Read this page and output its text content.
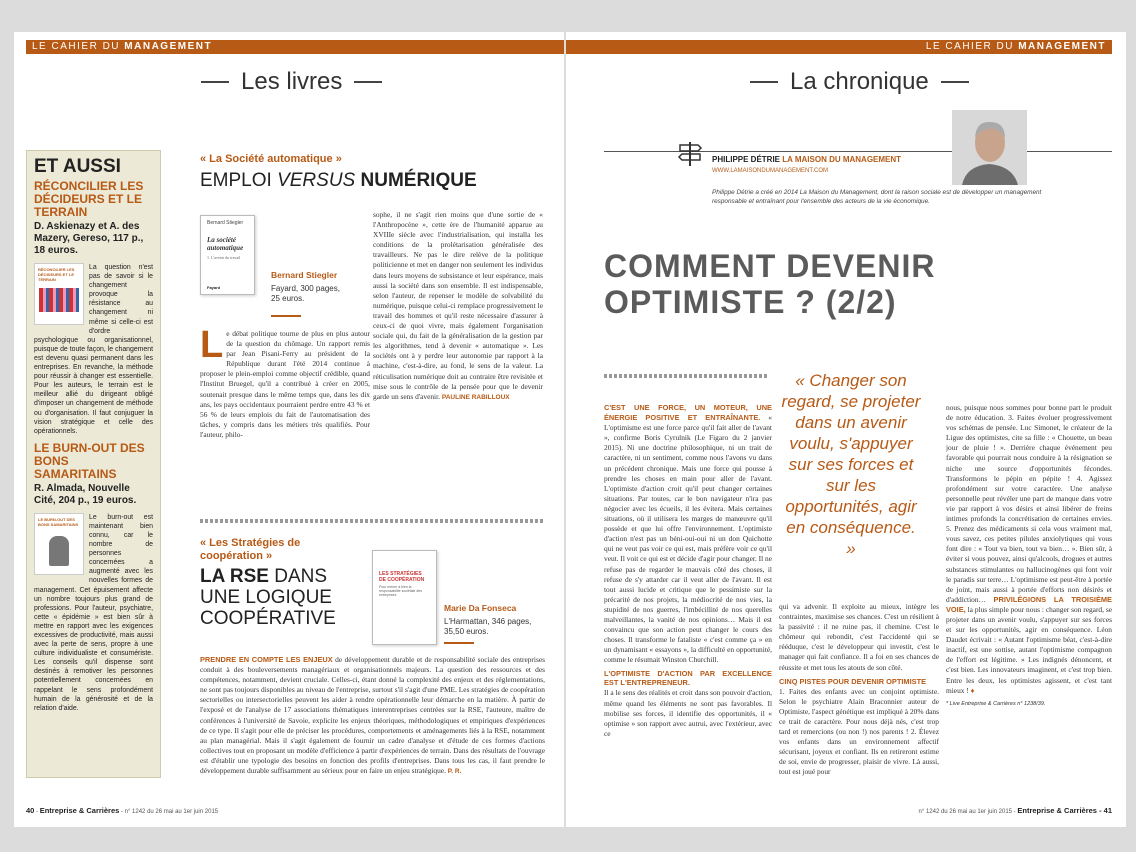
LE CAHIER DU MANAGEMENT
Les livres
ET AUSSI
RÉCONCILIER LES DÉCIDEURS ET LE TERRAIN
D. Askienazy et A. des Mazery, Gereso, 117 p., 18 euros.
RÉCONCILIER LES DÉCIDEURS ET LE TERRAIN

La question n'est pas de savoir si le changement provoque la résistance au changement ni même si celle-ci est d'ordre psychologique ou organisationnel, puisque de toute façon, le changement est devenu quasi permanent dans les entreprises. En revanche, la méthode pour réussir à changer est essentielle. Pour les auteurs, le terrain est le meilleur allié du dirigeant obligé d'imposer un changement de méthode ou d'organisation. Il faut conjuguer la vision stratégique et celle des opérationnels.

LE BURN-OUT DES BONS SAMARITAINS
R. Almada, Nouvelle Cité, 204 p., 19 euros.
LE BURN-OUT DES BONS SAMARITAINS

Le burn-out est maintenant bien connu, car le nombre de personnes concernées a augmenté avec les nouvelles formes de management. Cet épuisement affecte un nombre toujours plus grand de professions. Pour l'auteur, psychiatre, cette « épidémie » est bien sûr à mettre en rapport avec les exigences excessives de productivité, mais aussi avec la perte de sens, propre à une culture individualiste et consumériste. Les conseils qu'il dispense sont destinés à remotiver les personnes potentiellement concernées en rappelant le sens profondément humain de la générosité et de la relation d'aide.

« La Société automatique »
EMPLOI VERSUS NUMÉRIQUE
Bernard Stiegler
La société automatique
1. L'avenir du travail
Fayard
Bernard Stiegler
Fayard, 300 pages, 25 euros.
Le débat politique tourne de plus en plus autour de la question du chômage. Un rapport remis par Jean Pisani-Ferry au président de la République durant l'été 2014 continue à proposer le plein-emploi comme objectif crédible, quand l'Institut Bruegel, qu'il a contribué à créer en 2005, soutenait presque dans le même temps que, dans les dix ans, les pays occidentaux pourraient perdre entre 43 % et 56 % de leurs emplois du fait de l'automatisation des tâches, y compris dans les métiers très qualifiés. Pour l'auteur, philo-
sophe, il ne s'agit rien moins que d'une sortie de « l'Anthropocène », cette ère de l'humanité apparue au XVIIIe siècle avec l'industrialisation, qui installa les conditions de la prolétarisation généralisée des travailleurs. Ne pas le dire relève de la politique politicienne et met en danger non seulement les individus dans leurs moyens de subsistance et leur espérance, mais aussi la société dans son ensemble. Il est indispensable, selon l'auteur, de repenser le modèle de solvabilité du numérique, puisque celui-ci remplace progressivement le travail des hommes et qu'il reste nécessaire d'assurer à ceux-ci de quoi vivre, mais également l'organisation sociale qui, du fait de la généralisation de la gestion par les algorithmes, tend à devenir « automatique ». Les sociétés ont à y perdre leur autonomie par rapport à la machine, c'est-à-dire, au fond, le sens de la valeur. La réticulisation numérique doit au contraire être revisitée et mise sous le contrôle de la pensée pour que le devenir garde un sens d'avenir. PAULINE RABILLOUX
« Les Stratégies de coopération »
LA RSE DANS
UNE LOGIQUE
COOPÉRATIVE
LES STRATÉGIES DE COOPÉRATION
Pour mener à bien la responsabilité sociétale des entreprises
Marie Da Fonseca
L'Harmattan, 346 pages, 35,50 euros.
PRENDRE EN COMPTE LES ENJEUX de développement durable et de responsabilité sociale des entreprises conduit à des bouleversements managériaux et organisationnels majeurs. La question des ressources et des compétences, notamment, devient cruciale. Celles-ci, étant donné la complexité des enjeux et des réglementations, ne sont pas toujours disponibles au niveau de l'entreprise, surtout s'il s'agit d'une PME. Les stratégies de coopération sectorielles ou intersectorielles peuvent les aider à rendre opérationnelle leur démarche en la matière. À partir de l'exposé et de l'analyse de 17 associations thématiques interentreprises centrées sur la RSE, l'auteure, maître de conférences à l'université de Savoie, explicite les enjeux théoriques, méthodologiques et empiriques d'expériences de ce type. Il s'agit pour elle de préciser les procédures, comportements et aménagements liés à la RSE, notamment au plan managérial. Mais il s'agit également de fournir un cadre d'analyse et d'étude de ces formes d'actions collectives tout en proposant un modèle d'efficience à partir d'expériences de terrain. Dans des résultats de l'ouvrage est d'établir une typologie des besoins en fonction des profils d'entreprises. Dans tous les cas, il faut prendre le développement durable suffisamment au sérieux pour en faire un enjeu stratégique. P. R.
40 - Entreprise & Carrières - n° 1242 du 26 mai au 1er juin 2015
LE CAHIER DU MANAGEMENT
La chronique
PHILIPPE DÉTRIE LA MAISON DU MANAGEMENT
WWW.LAMAISONDUMANAGEMENT.COM
Philippe Détrie a créé en 2014 La Maison du Management, dont la raison sociale est de développer un management responsable et entraînant pour l'ensemble des acteurs de la vie économique.
COMMENT DEVENIR
OPTIMISTE ? (2/2)
« Changer son regard, se projeter dans un avenir voulu, s'appuyer sur ses forces et sur les opportunités, agir en conséquence. »
C'EST UNE FORCE, UN MOTEUR, UNE ÉNERGIE POSITIVE ET ENTRAÎNANTE. « L'optimisme est une force parce qu'il fait aller de l'avant », confirme Boris Cyrulnik (Le Figaro du 2 janvier 2015). Ni une doctrine philosophique, ni un trait de caractère, ni un sentiment, comme nous l'avons vu dans un précédent chronique. Mais une force qui pousse à prendre les choses en main pour aller de l'avant. L'optimiste d'action croit qu'il peut changer certaines situations. Par toutes, car le bon navigateur n'ira pas négocier avec les écueils, il les évitera. Mais certaines situations, où il utilisera les marges de manœuvre qu'il possède et que lui offre l'environnement. L'optimiste d'action n'est pas un béni-oui-oui ni un don Quichotte qui ne veut pas voir ce qui est, mais préfère voir ce qu'il veut. Il voit ce qui est et décide d'agir pour changer. Il ne refuse pas de regarder le mauvais côté des choses, il refuse de s'y attarder car il veut aller de l'avant. Il est tout aussi lucide et critique que le pessimiste sur la précarité de nos projets, la médiocrité de nos vies, la stupidité de nos guerres, l'imbécillité de nos querelles malveillantes, la vanité de nos opinions… Mais il est convaincu que son action peut changer le cours des choses. Il transforme le fataliste « c'est comme ça » en un dynamisant « essayons », la difficulté en opportunité, comme le résumait Winston Churchill.
L'OPTIMISTE D'ACTION PAR EXCELLENCE EST L'ENTREPRENEUR.
Il a le sens des réalités et croit dans son pouvoir d'action, même quand les éléments ne sont pas favorables. Il mobilise ses forces, il identifie des opportunités, il « optimise » son rapport avec autrui, avec l'extérieur, avec ce
qui va advenir. Il exploite au mieux, intègre les contraintes, maximise ses chances. C'est un résilient à la passivité : il ne ruine pas, il chemine. C'est le chômeur qui rebondit, c'est l'accidenté qui se rééduque, c'est le développeur qui investit, c'est le manager qui fait confiance. Il a foi en ses chances de réussite et met tous les atouts de son côté.
CINQ PISTES POUR DEVENIR OPTIMISTE
1. Faites des enfants avec un conjoint optimiste. Selon le psychiatre Alain Braconnier auteur de Optimiste, l'aspect génétique est impliqué à 20% dans ce trait de caractère. Pour nous déjà nés, c'est trop tard et remercions (ou non !) nos parents ! 2. Élevez vos enfants dans un environnement affectif sécurisant, joyeux et confiant. Ils en retireront estime de soi, envie de progresser, plaisir de vivre. Là aussi, tout est joué pour
nous, puisque nous sommes pour bonne part le produit de notre éducation. 3. Faites évoluer progressivement vos schémas de pensée. Luc Simonet, le créateur de la Ligue des optimistes, cite sa fille : « Chouette, un beau jour de pluie ! ». Derrière chaque événement peu favorable qui pourrait nous conduire à la résignation se niche une source d'opportunités fécondes. Transformons le pépin en pépite ! 4. Agissez profondément sur votre caractère. Une analyse personnelle peut révéler une part de manque dans votre vie par rapport à vos désirs et ainsi libérer de freins intimes profonds la concrétisation de certaines envies. 5. Prenez des médicaments si cela vous vraiment mal, vous savez, ces petites pilules anxiolytiques qui vous font dire : « Tout va bien, tout va bien… ». Bien sûr, à éviter si vous pouvez, ainsi qu'alcools, drogues et autres substances stimulantes ou hallucinogènes qui font voir le paradis sur terre… L'optimisme est peut-être à portée de joint, mais aussi à portée d'efforts non désirés et d'addiction… PRIVILÉGIONS LA TROISIÈME VOIE, la plus simple pour nous : changer son regard, se projeter dans un avenir voulu, s'appuyer sur ses forces et sur les opportunités, agir en conséquence. Léon Daudet écrivait : « Autant l'optimisme béat, c'est-à-dire inactif, est une sottise, autant l'optimisme compagnon de l'effort est légitime. » Les indignés dénoncent, et c'est bien. Les innovateurs imaginent, et c'est trop bien. Entre les deux, les optimistes agissent, et c'est tant mieux ! ♦
* Live Entreprise & Carrières n° 1238/39.
n° 1242 du 26 mai au 1er juin 2015 - Entreprise & Carrières - 41
